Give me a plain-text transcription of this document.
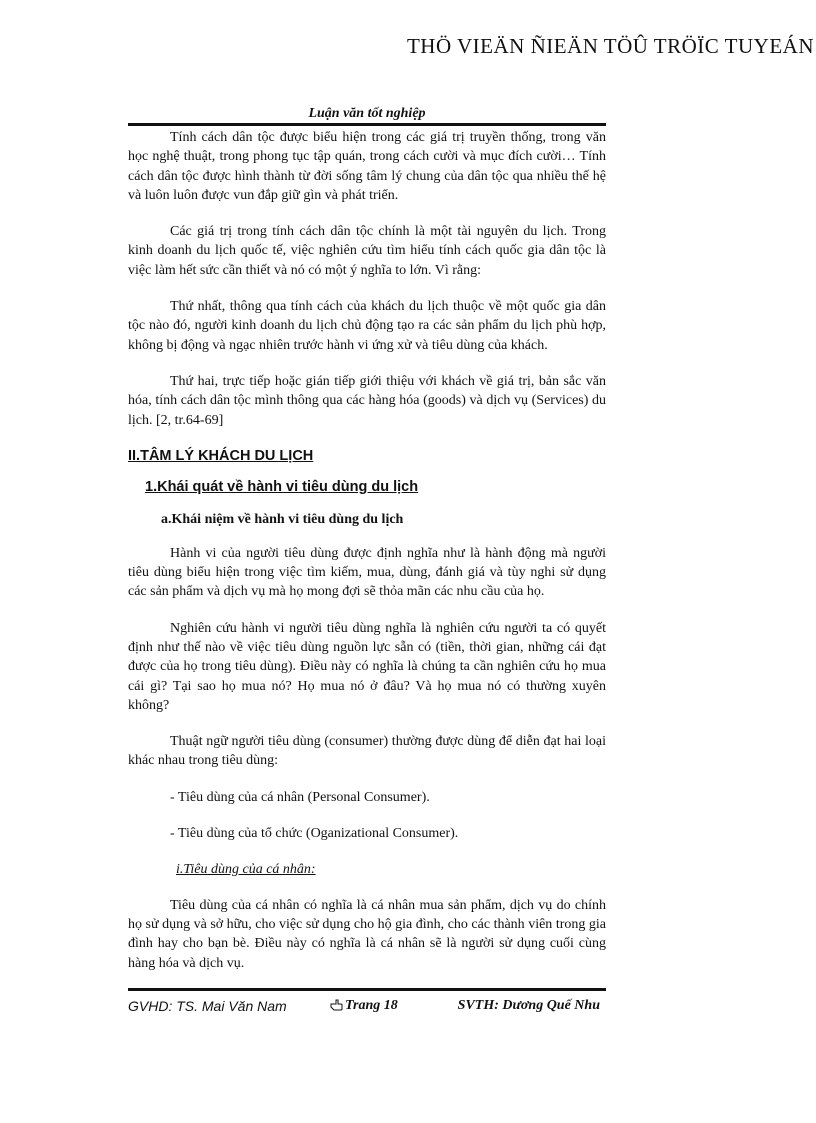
THÖ VIEÄN ÑIEÄN TÖÛ TRÖÏC TUYEÁN
Luận văn tốt nghiệp

Tính cách dân tộc được biểu hiện trong các giá trị truyền thống, trong văn học nghệ thuật, trong phong tục tập quán, trong cách cười và mục đích cười… Tính cách dân tộc được hình thành từ đời sống tâm lý chung của dân tộc qua nhiều thế hệ và luôn luôn được vun đắp giữ gìn và phát triển.

Các giá trị trong tính cách dân tộc chính là một tài nguyên du lịch. Trong kinh doanh du lịch quốc tế, việc nghiên cứu tìm hiểu tính cách quốc gia dân tộc là việc làm hết sức cần thiết và nó có một ý nghĩa to lớn. Vì rằng:

Thứ nhất, thông qua tính cách của khách du lịch thuộc về một quốc gia dân tộc nào đó, người kinh doanh du lịch chủ động tạo ra các sản phẩm du lịch phù hợp, không bị động và ngạc nhiên trước hành vi ứng xử và tiêu dùng của khách.

Thứ hai, trực tiếp hoặc gián tiếp giới thiệu với khách về giá trị, bản sắc văn hóa, tính cách dân tộc mình thông qua các hàng hóa (goods) và dịch vụ (Services) du lịch. [2, tr.64-69]

II.TÂM LÝ KHÁCH DU LỊCH
1.Khái quát về hành vi tiêu dùng du lịch
a.Khái niệm về hành vi tiêu dùng du lịch

Hành vi của người tiêu dùng được định nghĩa như là hành động mà người tiêu dùng biểu hiện trong việc tìm kiếm, mua, dùng, đánh giá và tùy nghi sử dụng các sản phẩm và dịch vụ mà họ mong đợi sẽ thỏa mãn các nhu cầu của họ.

Nghiên cứu hành vi người tiêu dùng nghĩa là nghiên cứu người ta có quyết định như thế nào về việc tiêu dùng nguồn lực sẵn có (tiền, thời gian, những cái đạt được của họ trong tiêu dùng). Điều này có nghĩa là chúng ta cần nghiên cứu họ mua cái gì? Tại sao họ mua nó? Họ mua nó ở đâu? Và họ mua nó có thường xuyên không?

Thuật ngữ người tiêu dùng (consumer) thường được dùng để diễn đạt hai loại khác nhau trong tiêu dùng:

- Tiêu dùng của cá nhân (Personal Consumer).
- Tiêu dùng của tổ chức (Oganizational Consumer).
i.Tiêu dùng của cá nhân:

Tiêu dùng của cá nhân có nghĩa là cá nhân mua sản phẩm, dịch vụ do chính họ sử dụng và sở hữu, cho việc sử dụng cho hộ gia đình, cho các thành viên trong gia đình hay cho bạn bè. Điều này có nghĩa là cá nhân sẽ là người sử dụng cuối cùng hàng hóa và dịch vụ.

GVHD: TS. Mai Văn Nam	Trang 18	SVTH: Dương Quế Nhu
